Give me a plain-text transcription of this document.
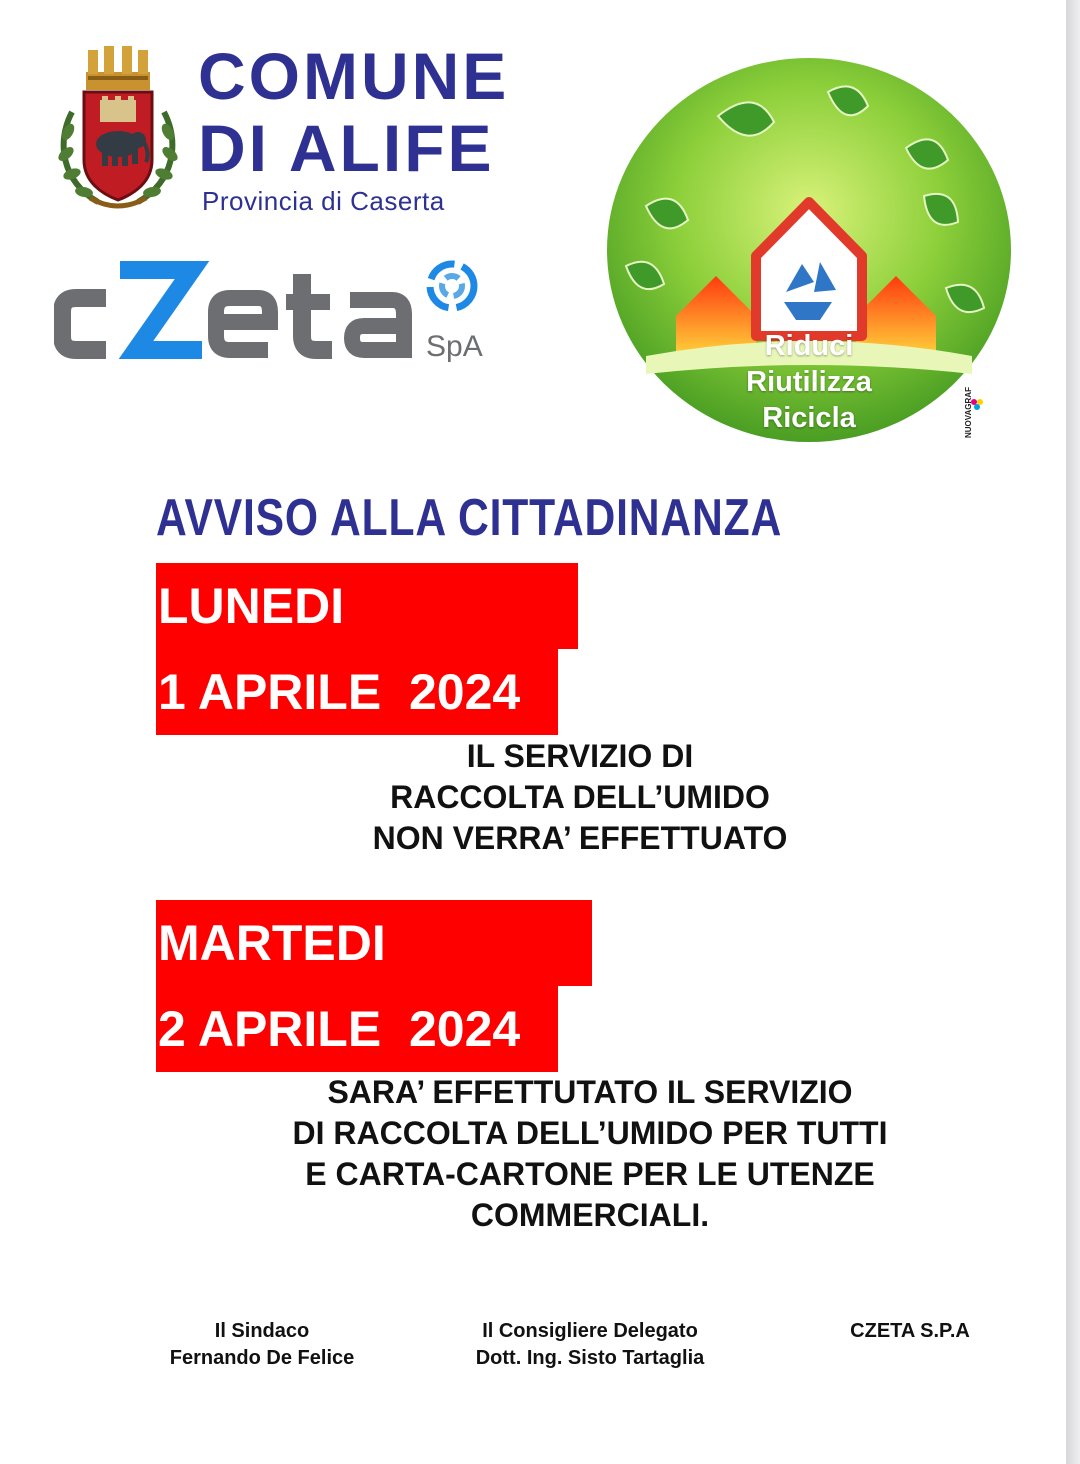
COMUNE
DI ALIFE
Provincia di Caserta
SpA	Riduci
Riutilizza
Ricicla	NUOVAGRAF
AVVISO ALLA CITTADINANZA
LUNEDI
1 APRILE  2024

IL SERVIZIO DI
RACCOLTA DELL’UMIDO
NON VERRA’ EFFETTUATO

MARTEDI
2 APRILE  2024

SARA’ EFFETTUTATO IL SERVIZIO
DI RACCOLTA DELL’UMIDO PER TUTTI
E CARTA-CARTONE PER LE UTENZE
COMMERCIALI.

Il Sindaco
Fernando De Felice
Il Consigliere Delegato
Dott. Ing. Sisto Tartaglia
CZETA S.P.A
